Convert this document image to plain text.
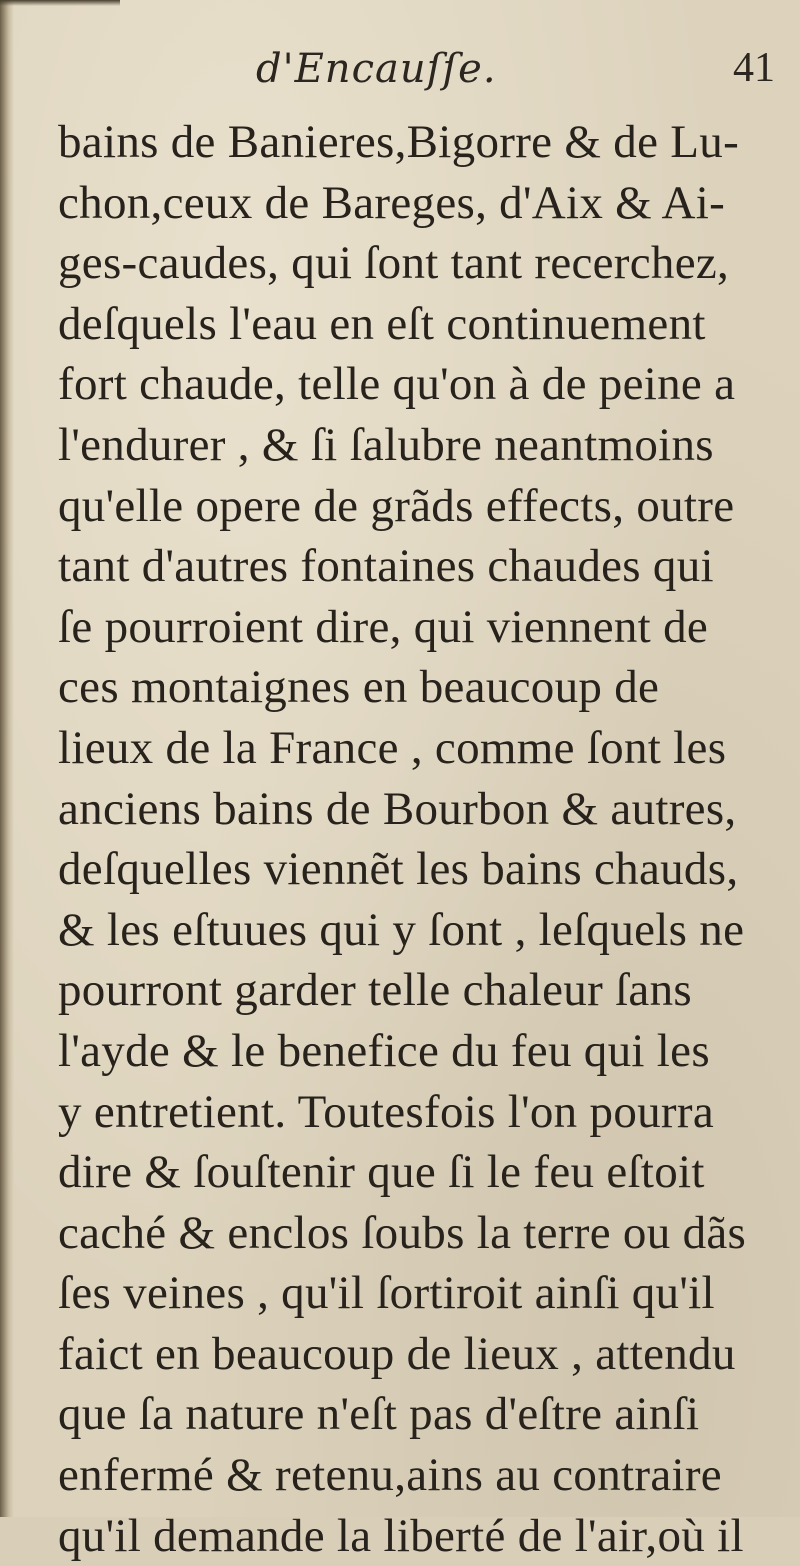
d'Encauſſe.	41
bains de Banieres,Bigorre & de Lu-
chon,ceux de Bareges, d'Aix & Ai-
ges-caudes, qui ſont tant recerchez,
deſquels l'eau en eſt continuement
fort chaude, telle qu'on à de peine a
l'endurer , & ſi ſalubre neantmoins
qu'elle opere de grãds effects, outre
tant d'autres fontaines chaudes qui
ſe pourroient dire, qui viennent de
ces montaignes en beaucoup de
lieux de la France , comme ſont les
anciens bains de Bourbon & autres,
deſquelles viennẽt les bains chauds,
& les eſtuues qui y ſont , leſquels ne
pourront garder telle chaleur ſans
l'ayde & le benefice du feu qui les
y entretient. Toutesfois l'on pourra
dire & ſouſtenir que ſi le feu eſtoit
caché & enclos ſoubs la terre ou dãs
ſes veines , qu'il ſortiroit ainſi qu'il
faict en beaucoup de lieux , attendu
que ſa nature n'eſt pas d'eſtre ainſi
enfermé & retenu,ains au contraire
qu'il demande la liberté de l'air,où il
